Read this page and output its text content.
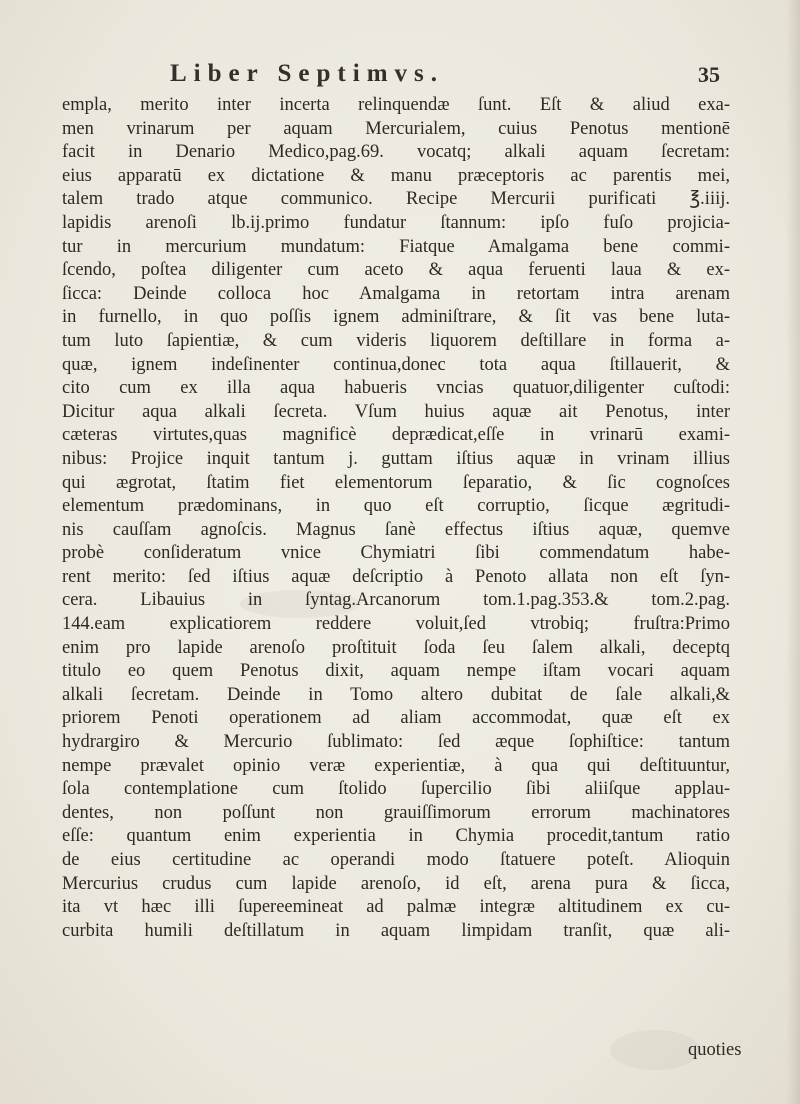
Liber Septimvs.	35
empla, merito inter incerta relinquendæ ſunt. Eſt & aliud exa-
men vrinarum per aquam Mercurialem, cuius Penotus mentionē
facit in Denario Medico,pag.69. vocatq; alkali aquam ſecretam:
eius apparatū ex dictatione & manu præceptoris ac parentis mei,
talem trado atque communico. Recipe Mercurii purificati ℥.iiij.
lapidis arenoſi lb.ij.primo fundatur ſtannum: ipſo fuſo projicia-
tur in mercurium mundatum: Fiatque Amalgama bene commi-
ſcendo, poſtea diligenter cum aceto & aqua feruenti laua & ex-
ſicca: Deinde colloca hoc Amalgama in retortam intra arenam
in furnello, in quo poſſis ignem adminiſtrare, & ſit vas bene luta-
tum luto ſapientiæ, & cum videris liquorem deſtillare in forma a-
quæ, ignem indeſinenter continua,donec tota aqua ſtillauerit, &
cito cum ex illa aqua habueris vncias quatuor,diligenter cuſtodi:
Dicitur aqua alkali ſecreta. Vſum huius aquæ ait Penotus, inter
cæteras virtutes,quas magnificè deprædicat,eſſe in vrinarū exami-
nibus: Projice inquit tantum j. guttam iſtius aquæ in vrinam illius
qui ægrotat, ſtatim fiet elementorum ſeparatio, & ſic cognoſces
elementum prædominans, in quo eſt corruptio, ſicque ægritudi-
nis cauſſam agnoſcis. Magnus ſanè effectus iſtius aquæ, quemve
probè conſideratum vnice Chymiatri ſibi commendatum habe-
rent merito: ſed iſtius aquæ deſcriptio à Penoto allata non eſt ſyn-
cera. Libauius in ſyntag.Arcanorum tom.1.pag.353.& tom.2.pag.
144.eam explicatiorem reddere voluit,ſed vtrobiq; fruſtra:Primo
enim pro lapide arenoſo proſtituit ſoda ſeu ſalem alkali, deceptq
titulo eo quem Penotus dixit, aquam nempe iſtam vocari aquam
alkali ſecretam. Deinde in Tomo altero dubitat de ſale alkali,&
priorem Penoti operationem ad aliam accommodat, quæ eſt ex
hydrargiro & Mercurio ſublimato: ſed æque ſophiſtice: tantum
nempe prævalet opinio veræ experientiæ, à qua qui deſtituuntur,
ſola contemplatione cum ſtolido ſupercilio ſibi aliiſque applau-
dentes, non poſſunt non grauiſſimorum errorum machinatores
eſſe: quantum enim experientia in Chymia procedit,tantum ratio
de eius certitudine ac operandi modo ſtatuere poteſt. Alioquin
Mercurius crudus cum lapide arenoſo, id eſt, arena pura & ſicca,
ita vt hæc illi ſupereemineat ad palmæ integræ altitudinem ex cu-
curbita humili deſtillatum in aquam limpidam tranſit, quæ ali-
quoties
